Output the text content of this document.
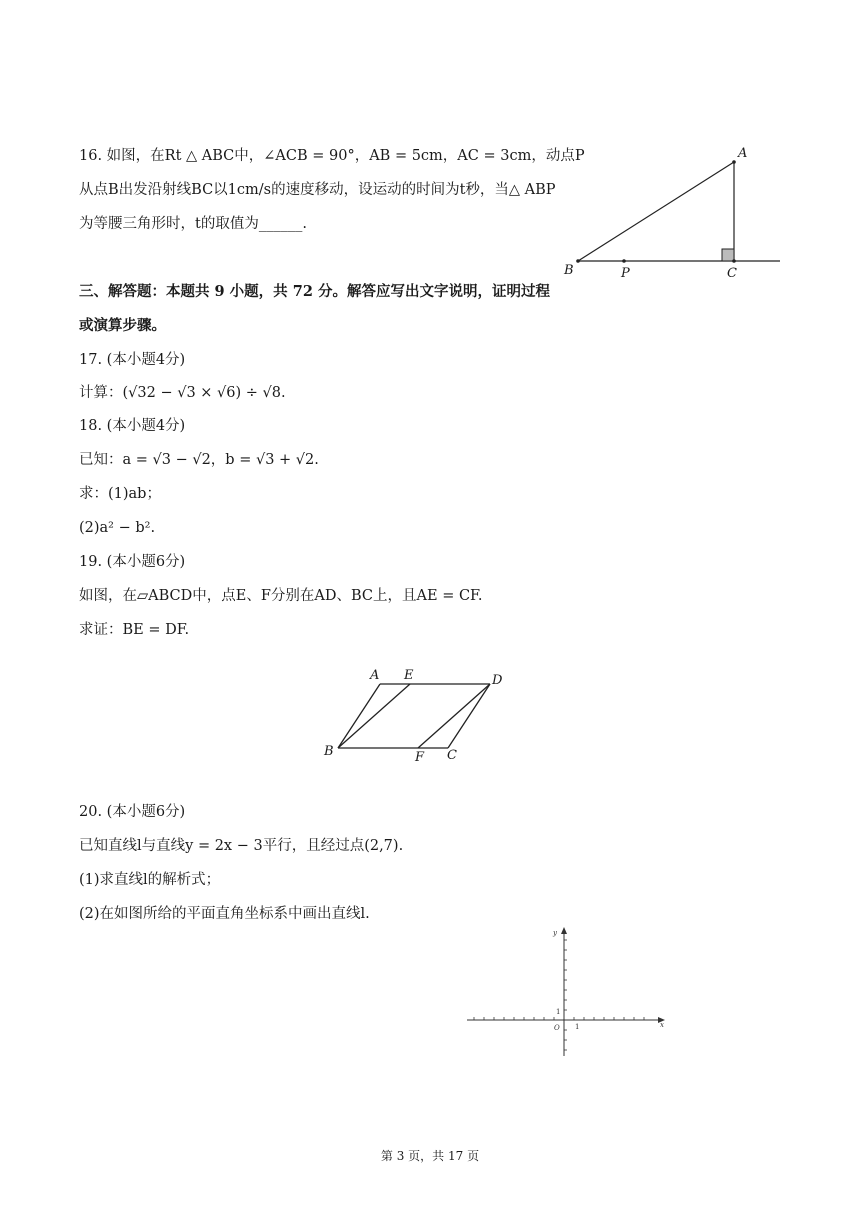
16. 如图，在Rt △ ABC中，∠ACB = 90°，AB = 5cm，AC = 3cm，动点P
从点B出发沿射线BC以1cm/s的速度移动，设运动的时间为t秒，当△ ABP
为等腰三角形时，t的取值为______.
A
B	P	C
三、解答题：本题共 9 小题，共 72 分。解答应写出文字说明，证明过程
或演算步骤。
17. (本小题4分)
计算：(√32 − √3 × √6) ÷ √8.
18. (本小题4分)
已知：a = √3 − √2，b = √3 + √2.
求：(1)ab；
(2)a² − b².
19. (本小题6分)
如图，在▱ABCD中，点E、F分别在AD、BC上，且AE = CF.
求证：BE = DF.
A E	D
B	F C
20. (本小题6分)
已知直线l与直线y = 2x − 3平行，且经过点(2,7).
(1)求直线l的解析式；
(2)在如图所给的平面直角坐标系中画出直线l.
x
y
O 1
1
第 3 页，共 17 页
